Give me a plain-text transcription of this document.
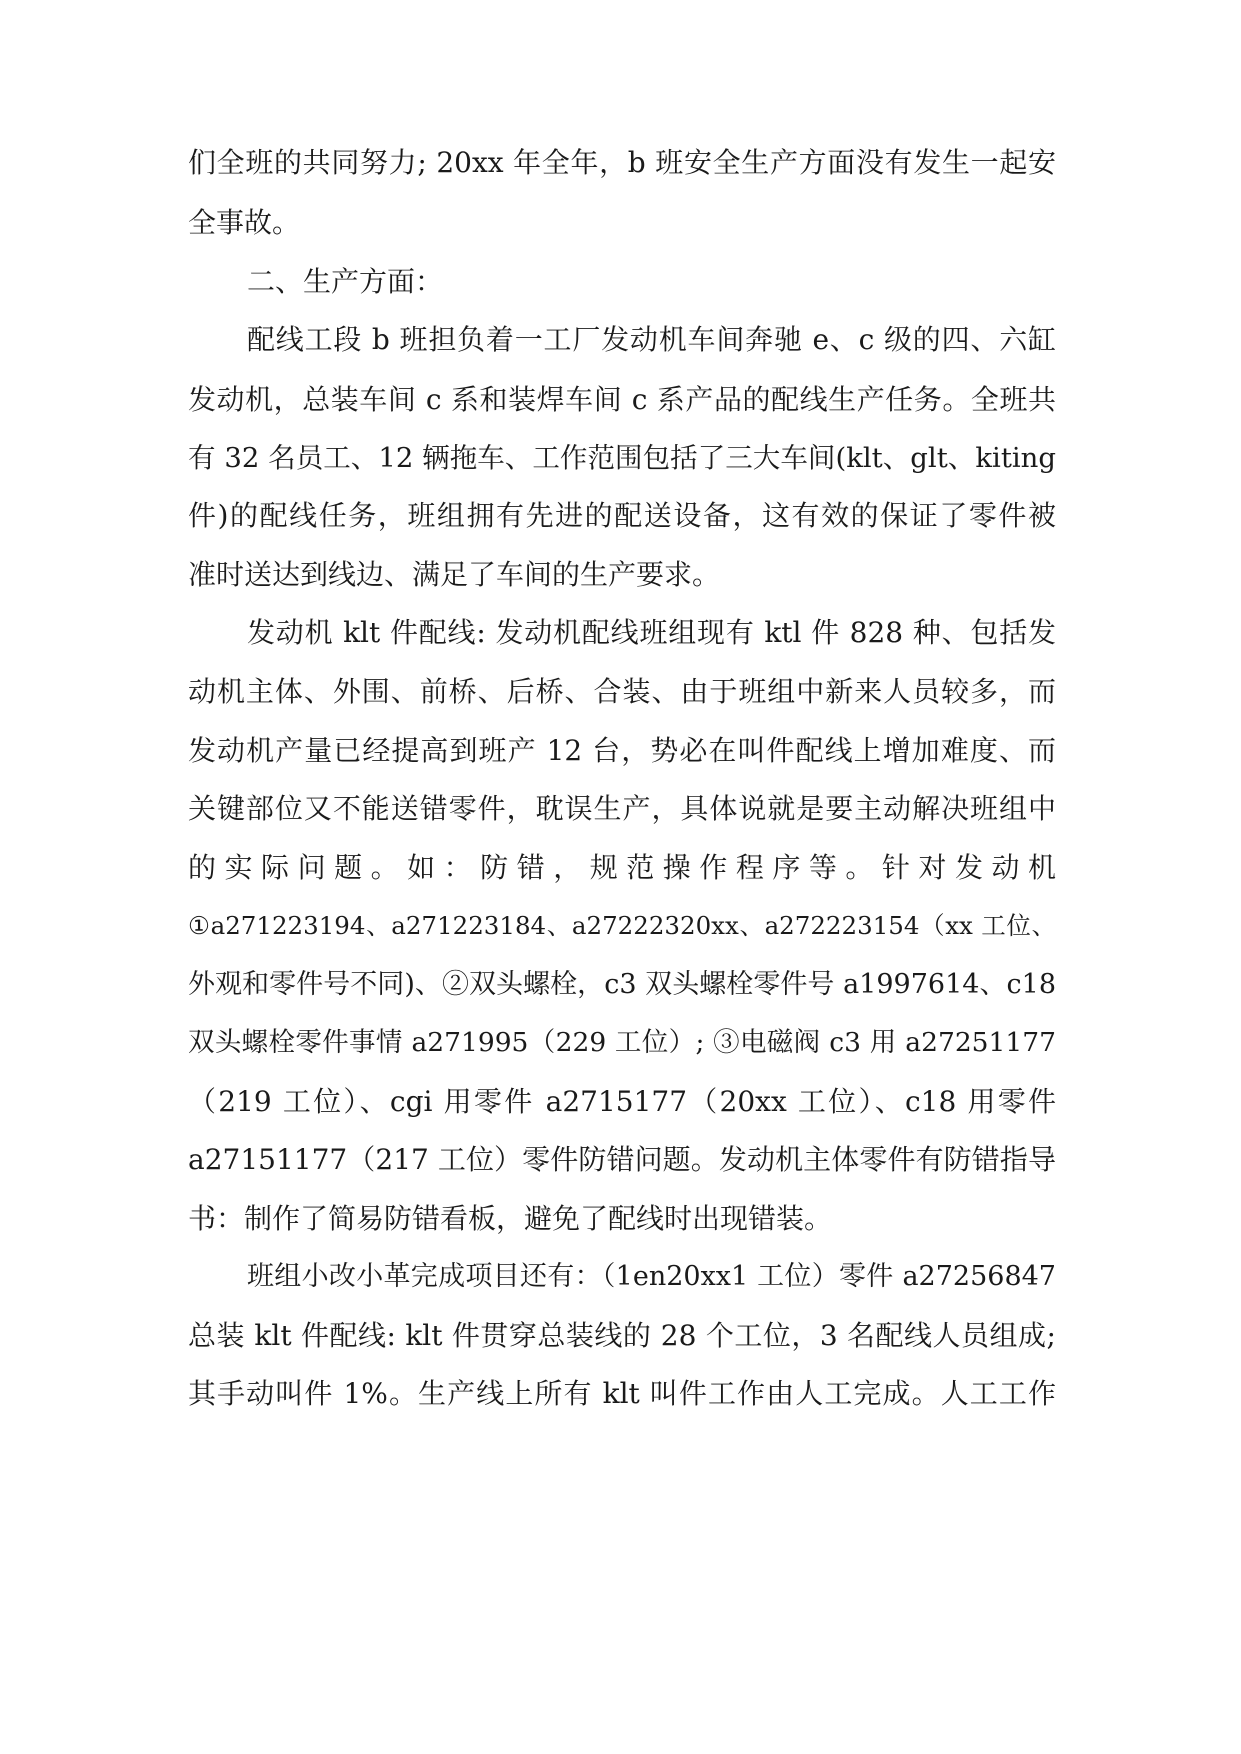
们全班的共同努力; 20xx 年全年，b 班安全生产方面没有发生一起安
全事故。
二、生产方面：
配线工段 b 班担负着一工厂发动机车间奔驰 e、c 级的四、六缸
发动机，总装车间 c 系和装焊车间 c 系产品的配线生产任务。全班共
有 32 名员工、12 辆拖车、工作范围包括了三大车间(klt、glt、kiting
件)的配线任务，班组拥有先进的配送设备，这有效的保证了零件被
准时送达到线边、满足了车间的生产要求。
发动机 klt 件配线: 发动机配线班组现有 ktl 件 828 种、包括发
动机主体、外围、前桥、后桥、合装、由于班组中新来人员较多，而
发动机产量已经提高到班产 12 台，势必在叫件配线上增加难度、而
关键部位又不能送错零件，耽误生产，具体说就是要主动解决班组中
的实际问题。如：防错，规范操作程序等。针对发动机
①a271223194、a271223184、a27222320xx、a272223154（xx 工位、
外观和零件号不同)、②双头螺栓，c3 双头螺栓零件号 a1997614、c18
双头螺栓零件事情 a271995（229 工位）; ③电磁阀 c3 用 a27251177
（219 工位）、cgi 用零件 a2715177（20xx 工位）、c18 用零件
a27151177（217 工位）零件防错问题。发动机主体零件有防错指导
书：制作了简易防错看板，避免了配线时出现错装。
班组小改小革完成项目还有：（1en20xx1 工位）零件 a27256847
总装 klt 件配线: klt 件贯穿总装线的 28 个工位，3 名配线人员组成;
其手动叫件 1%。生产线上所有 klt 叫件工作由人工完成。人工工作
